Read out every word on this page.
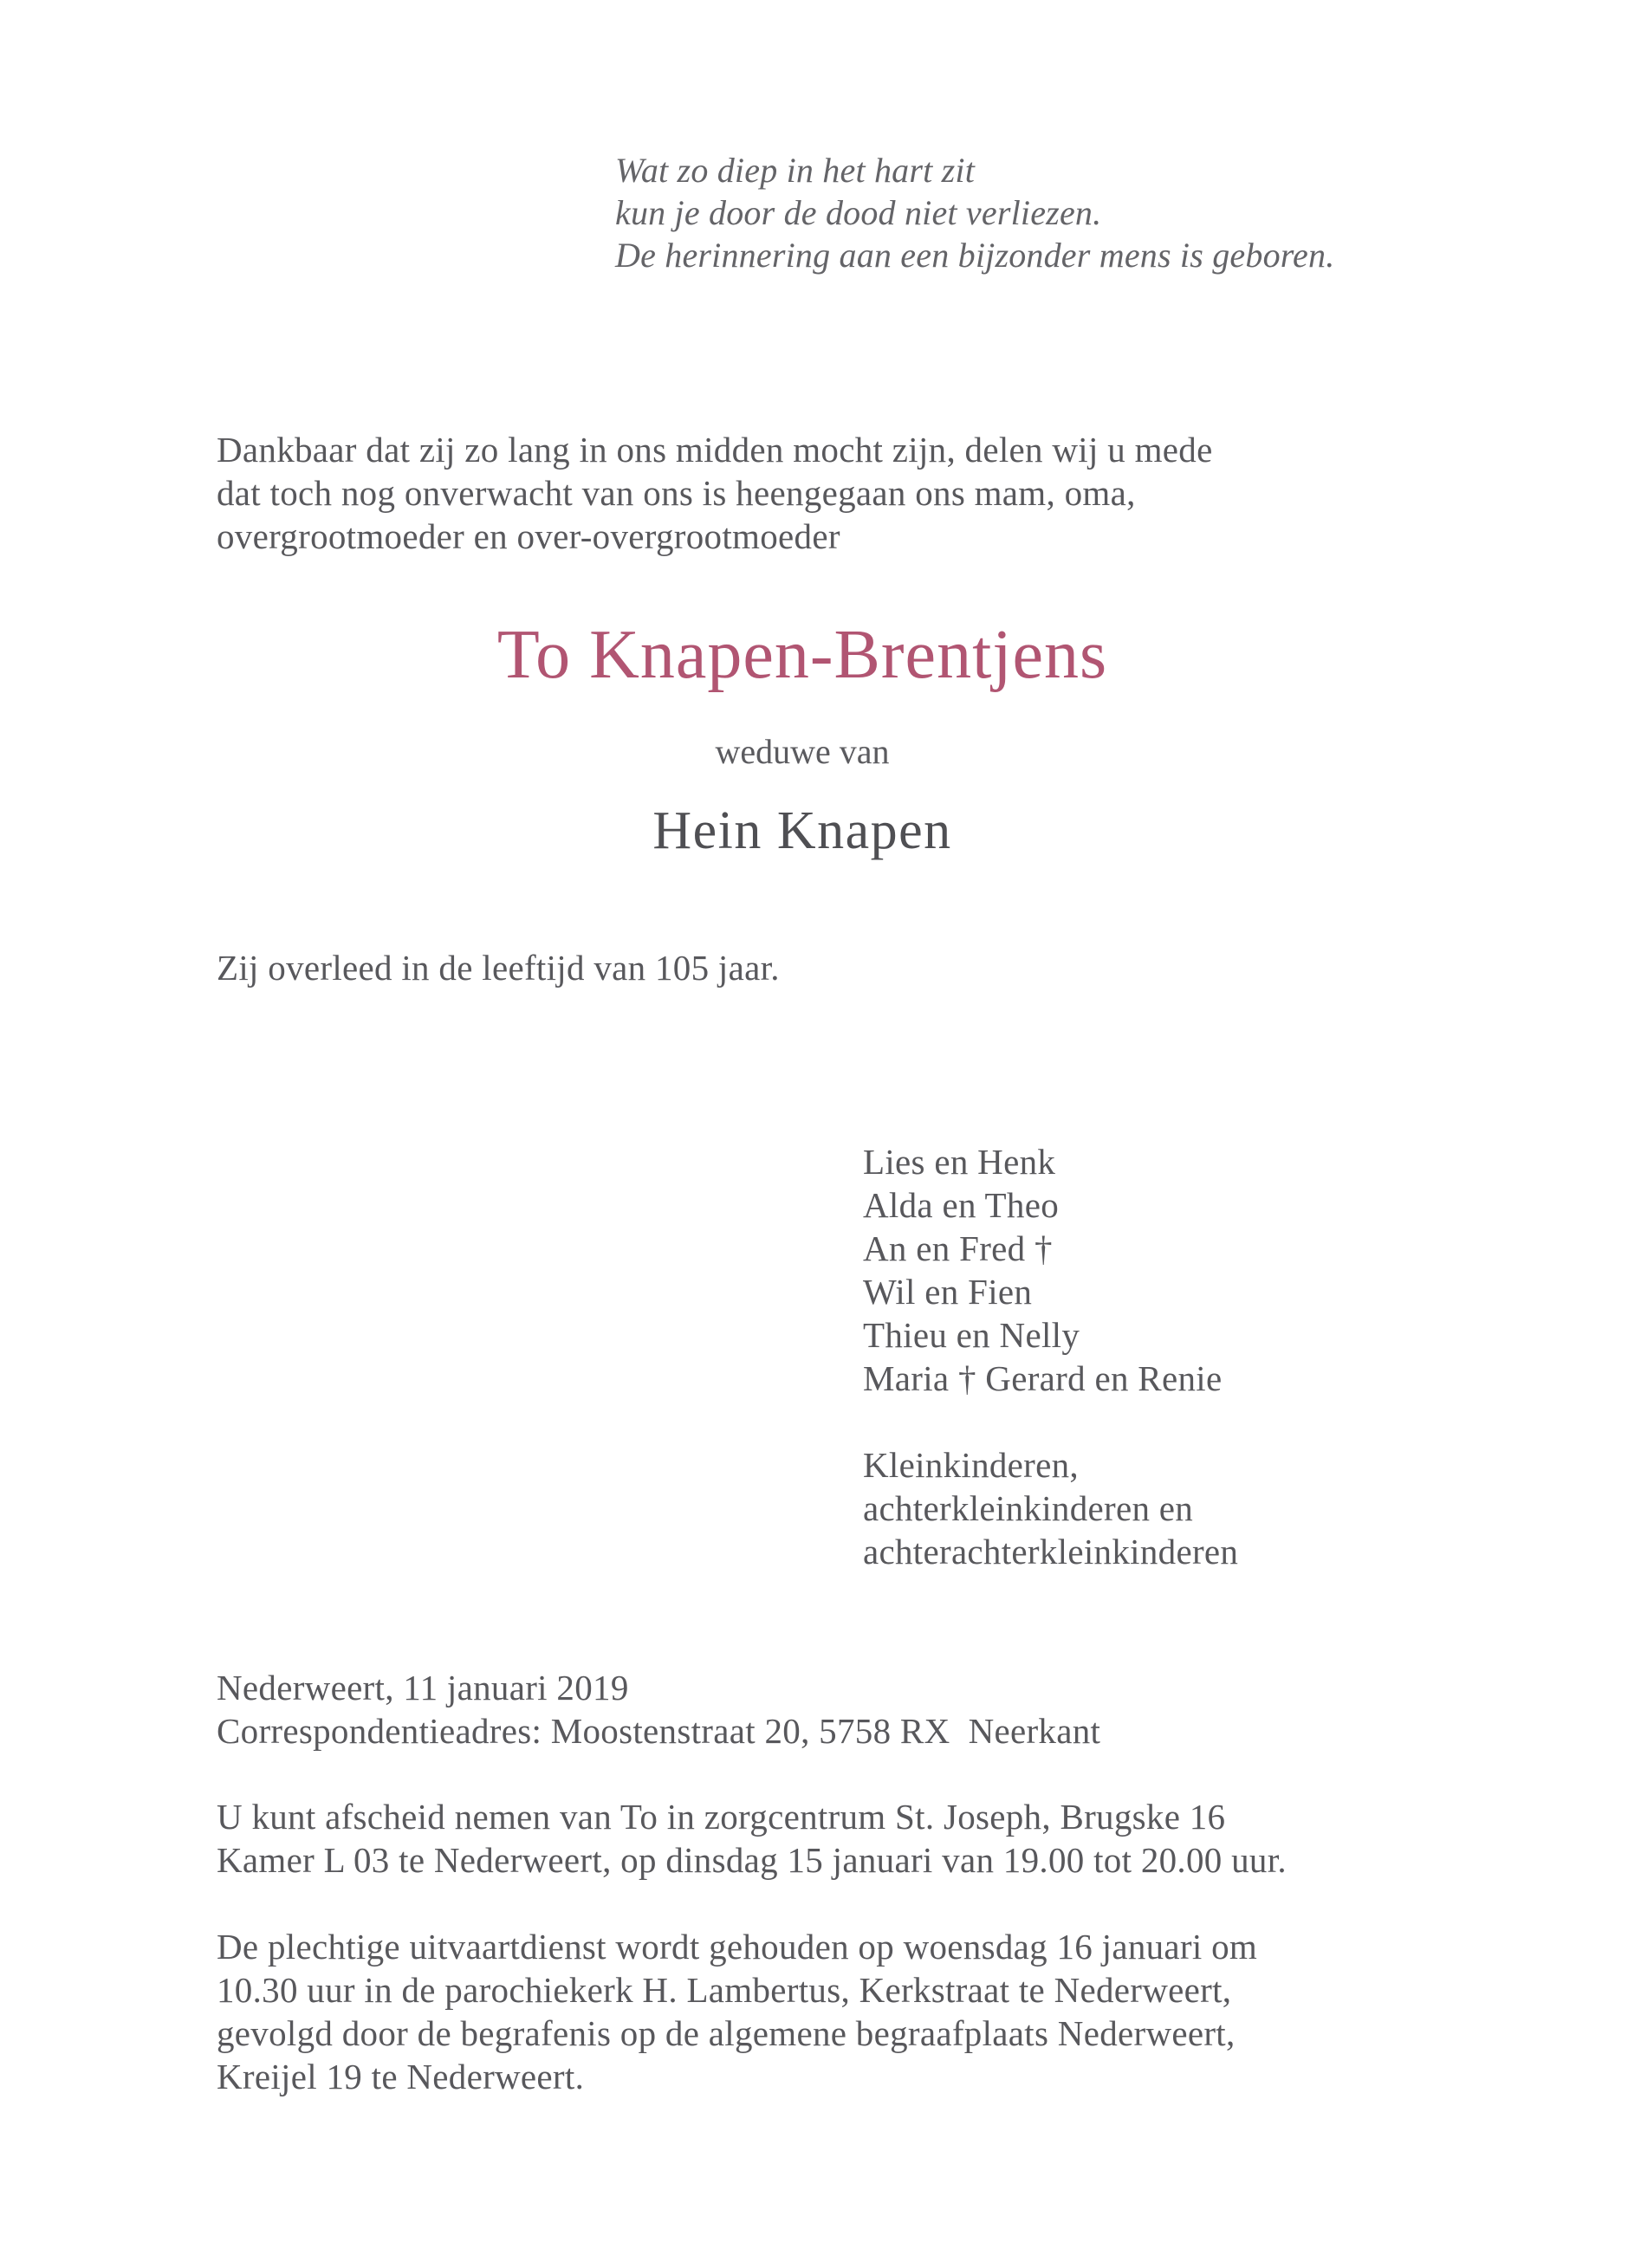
Wat zo diep in het hart zit
kun je door de dood niet verliezen.
De herinnering aan een bijzonder mens is geboren.
Dankbaar dat zij zo lang in ons midden mocht zijn, delen wij u mede
dat toch nog onverwacht van ons is heengegaan ons mam, oma,
overgrootmoeder en over-overgrootmoeder
To Knapen-Brentjens
weduwe van
Hein Knapen
Zij overleed in de leeftijd van 105 jaar.
Lies en Henk
Alda en Theo
An en Fred †
Wil en Fien
Thieu en Nelly
Maria † Gerard en Renie
Kleinkinderen,
achterkleinkinderen en
achterachterkleinkinderen
Nederweert, 11 januari 2019
Correspondentieadres: Moostenstraat 20, 5758 RX  Neerkant
U kunt afscheid nemen van To in zorgcentrum St. Joseph, Brugske 16
Kamer L 03 te Nederweert, op dinsdag 15 januari van 19.00 tot 20.00 uur.
De plechtige uitvaartdienst wordt gehouden op woensdag 16 januari om
10.30 uur in de parochiekerk H. Lambertus, Kerkstraat te Nederweert,
gevolgd door de begrafenis op de algemene begraafplaats Nederweert,
Kreijel 19 te Nederweert.
